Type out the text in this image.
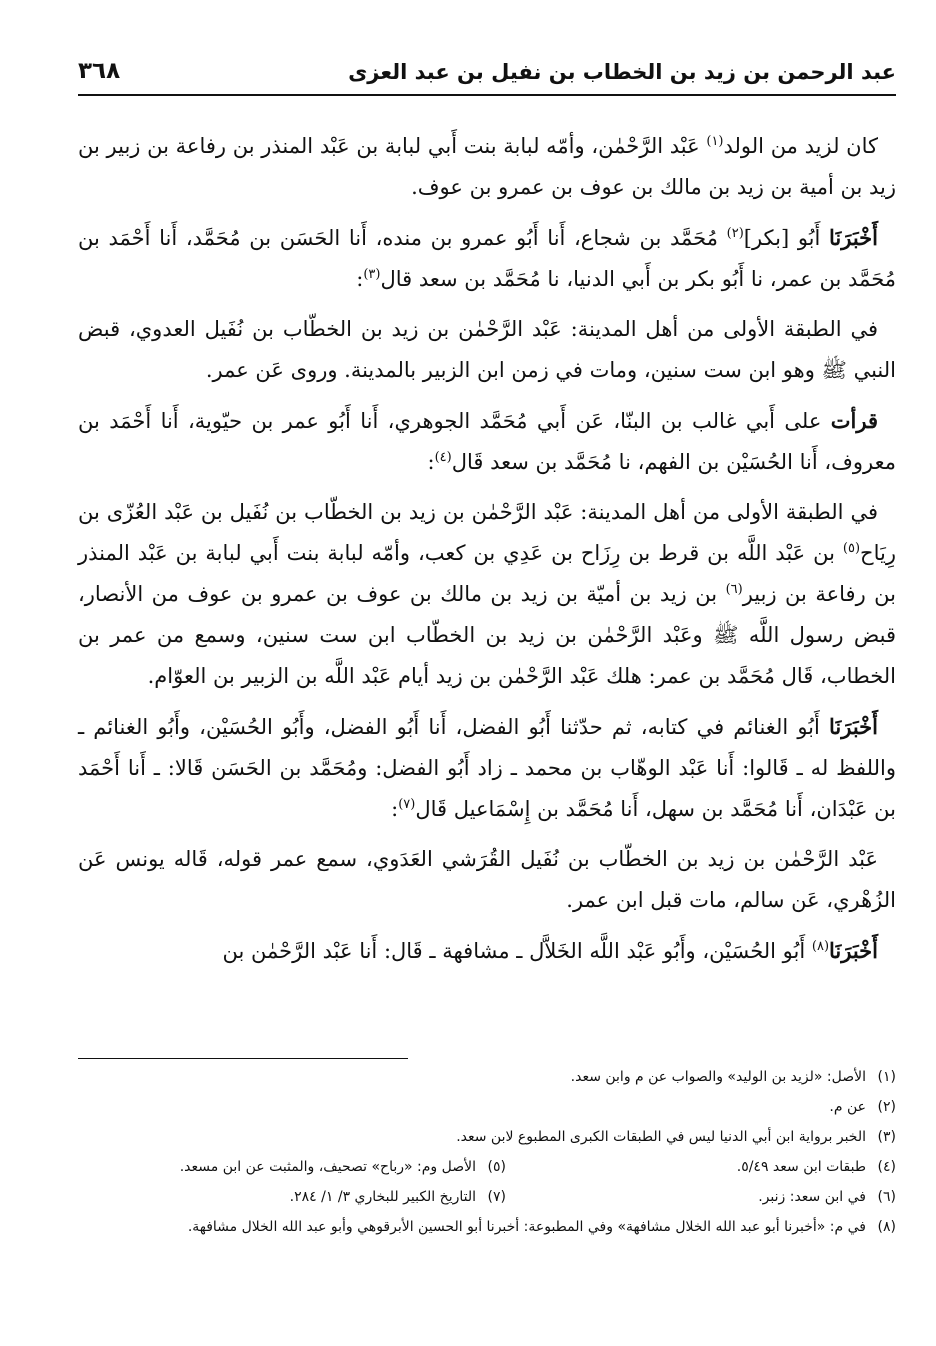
عبد الرحمن بن زيد بن الخطاب بن نفيل بن عبد العزى
٣٦٨

كان لزيد من الولد$^{(١)}$ عَبْد الرَّحْمٰن، وأمّه لبابة بنت أَبي لبابة بن عَبْد المنذر بن رفاعة بن زبير بن زيد بن أمية بن زيد بن مالك بن عوف بن عمرو بن عوف.

أَخْبَرَنَا أَبُو [بكر]$^{(٢)}$ مُحَمَّد بن شجاع، أَنا أَبُو عمرو بن منده، أَنا الحَسَن بن مُحَمَّد، أَنا أَحْمَد بن مُحَمَّد بن عمر، نا أَبُو بكر بن أَبي الدنيا، نا مُحَمَّد بن سعد قال$^{(٣)}$:

في الطبقة الأولى من أهل المدينة: عَبْد الرَّحْمٰن بن زيد بن الخطّاب بن نُفَيل العدوي، قبض النبي ﷺ وهو ابن ست سنين، ومات في زمن ابن الزبير بالمدينة. وروى عَن عمر.

قرأت على أَبي غالب بن البنّا، عَن أَبي مُحَمَّد الجوهري، أَنا أَبُو عمر بن حيّوية، أَنا أَحْمَد بن معروف، أَنا الحُسَيْن بن الفهم، نا مُحَمَّد بن سعد قَال$^{(٤)}$:

في الطبقة الأولى من أهل المدينة: عَبْد الرَّحْمٰن بن زيد بن الخطّاب بن نُفَيل بن عَبْد العُزّى بن رِيَاح$^{(٥)}$ بن عَبْد اللَّه بن قرط بن رِزَاح بن عَدِي بن كعب، وأمّه لبابة بنت أَبي لبابة بن عَبْد المنذر بن رفاعة بن زبير$^{(٦)}$ بن زيد بن أميّة بن زيد بن مالك بن عوف بن عمرو بن عوف من الأنصار، قبض رسول اللَّه ﷺ وعَبْد الرَّحْمٰن بن زيد بن الخطّاب ابن ست سنين، وسمع من عمر بن الخطاب، قَال مُحَمَّد بن عمر: هلك عَبْد الرَّحْمٰن بن زيد أيام عَبْد اللَّه بن الزبير بن العوّام.

أَخْبَرَنَا أَبُو الغنائم في كتابه، ثم حدّثنا أَبُو الفضل، أَنا أَبُو الفضل، وأَبُو الحُسَيْن، وأَبُو الغنائم ـ واللفظ له ـ قَالوا: أَنا عَبْد الوهّاب بن محمد ـ زاد أَبُو الفضل: ومُحَمَّد بن الحَسَن قَالا: ـ أَنا أَحْمَد بن عَبْدَان، أَنا مُحَمَّد بن سهل، أَنا مُحَمَّد بن إِسْمَاعيل قَال$^{(٧)}$:

عَبْد الرَّحْمٰن بن زيد بن الخطّاب بن نُفَيل القُرَشي العَدَوي، سمع عمر قوله، قَاله يونس عَن الزُهْري، عَن سالم، مات قبل ابن عمر.

أَخْبَرَنَا$^{(٨)}$ أَبُو الحُسَيْن، وأَبُو عَبْد اللَّه الخَلاَّل ـ مشافهة ـ قَال: أَنا عَبْد الرَّحْمٰن بن

(١)
الأصل: «لزيد بن الوليد» والصواب عن م وابن سعد.
(٢)
عن م.
(٣)
الخبر برواية ابن أبي الدنيا ليس في الطبقات الكبرى المطبوع لابن سعد.
(٤)
طبقات ابن سعد ٥/٤٩.
(٥)
الأصل وم: «رباح» تصحيف، والمثبت عن ابن مسعد.
(٦)
في ابن سعد: زنبر.
(٧)
التاريخ الكبير للبخاري ٣/ ١/ ٢٨٤.
(٨)
في م: «أخبرنا أبو عبد الله الخلال مشافهة» وفي المطبوعة: أخبرنا أبو الحسين الأبرقوهي وأبو عبد الله الخلال مشافهة.
